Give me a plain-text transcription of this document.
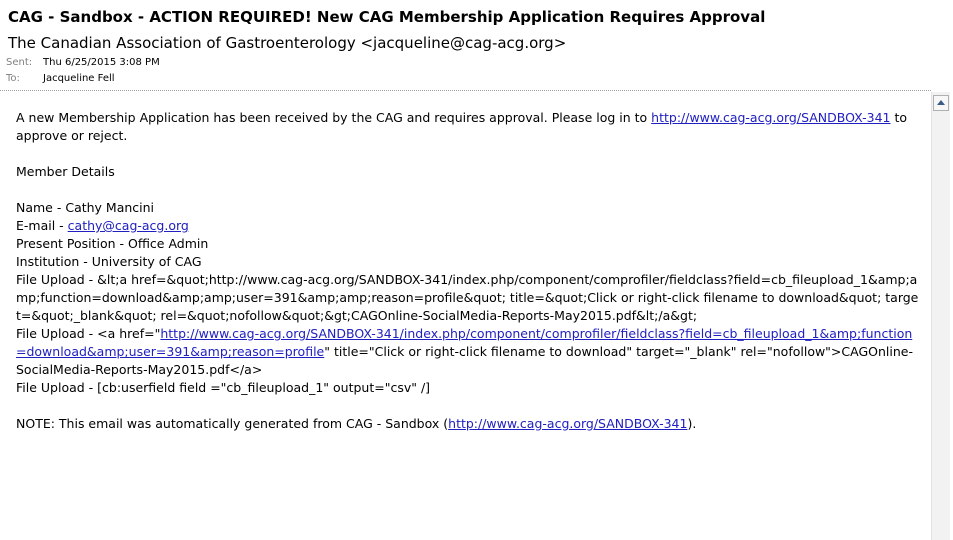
CAG - Sandbox - ACTION REQUIRED! New CAG Membership Application Requires Approval
The Canadian Association of Gastroenterology <jacqueline@cag-acg.org>
Sent: Thu 6/25/2015 3:08 PM
To: Jacqueline Fell

A new Membership Application has been received by the CAG and requires approval. Please log in to http://www.cag-acg.org/SANDBOX-341 to approve or reject.

Member Details

Name - Cathy Mancini

E-mail - cathy@cag-acg.org

Present Position - Office Admin

Institution - University of CAG

File Upload - &lt;a href=&quot;http://www.cag-acg.org/SANDBOX-341/index.php/component/comprofiler/fieldclass?field=cb_fileupload_1&amp;amp;function=download&amp;amp;user=391&amp;amp;reason=profile&quot; title=&quot;Click or right-click filename to download&quot; target=&quot;_blank&quot; rel=&quot;nofollow&quot;&gt;CAGOnline-SocialMedia-Reports-May2015.pdf&lt;/a&gt;

File Upload - <a href="http://www.cag-acg.org/SANDBOX-341/index.php/component/comprofiler/fieldclass?field=cb_fileupload_1&amp;function=download&amp;user=391&amp;reason=profile" title="Click or right-click filename to download" target="_blank" rel="nofollow">CAGOnline-SocialMedia-Reports-May2015.pdf</a>

File Upload - [cb:userfield field ="cb_fileupload_1" output="csv" /]

NOTE: This email was automatically generated from CAG - Sandbox (http://www.cag-acg.org/SANDBOX-341).
